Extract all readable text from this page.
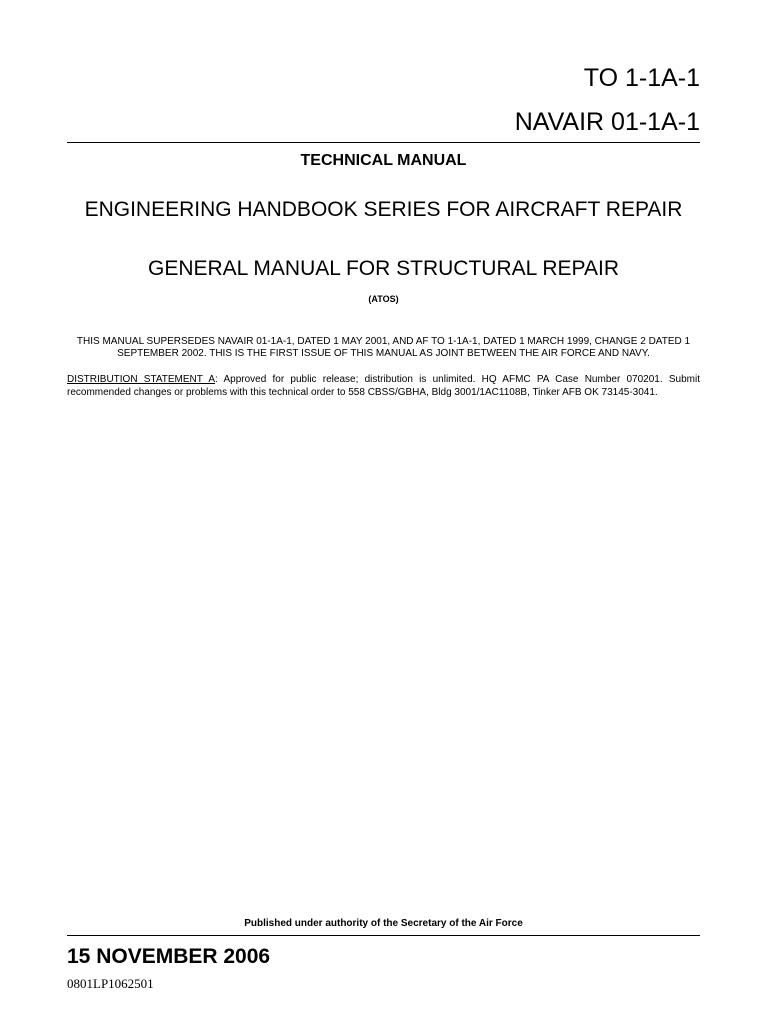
TO 1-1A-1
NAVAIR 01-1A-1
TECHNICAL MANUAL
ENGINEERING HANDBOOK SERIES FOR AIRCRAFT REPAIR
GENERAL MANUAL FOR STRUCTURAL REPAIR
(ATOS)
THIS MANUAL SUPERSEDES NAVAIR 01-1A-1, DATED 1 MAY 2001, AND AF TO 1-1A-1, DATED 1 MARCH 1999, CHANGE 2 DATED 1 SEPTEMBER 2002. THIS IS THE FIRST ISSUE OF THIS MANUAL AS JOINT BETWEEN THE AIR FORCE AND NAVY.
DISTRIBUTION STATEMENT A: Approved for public release; distribution is unlimited. HQ AFMC PA Case Number 070201. Submit recommended changes or problems with this technical order to 558 CBSS/GBHA, Bldg 3001/1AC1108B, Tinker AFB OK 73145-3041.
Published under authority of the Secretary of the Air Force
15 NOVEMBER 2006
0801LP1062501
